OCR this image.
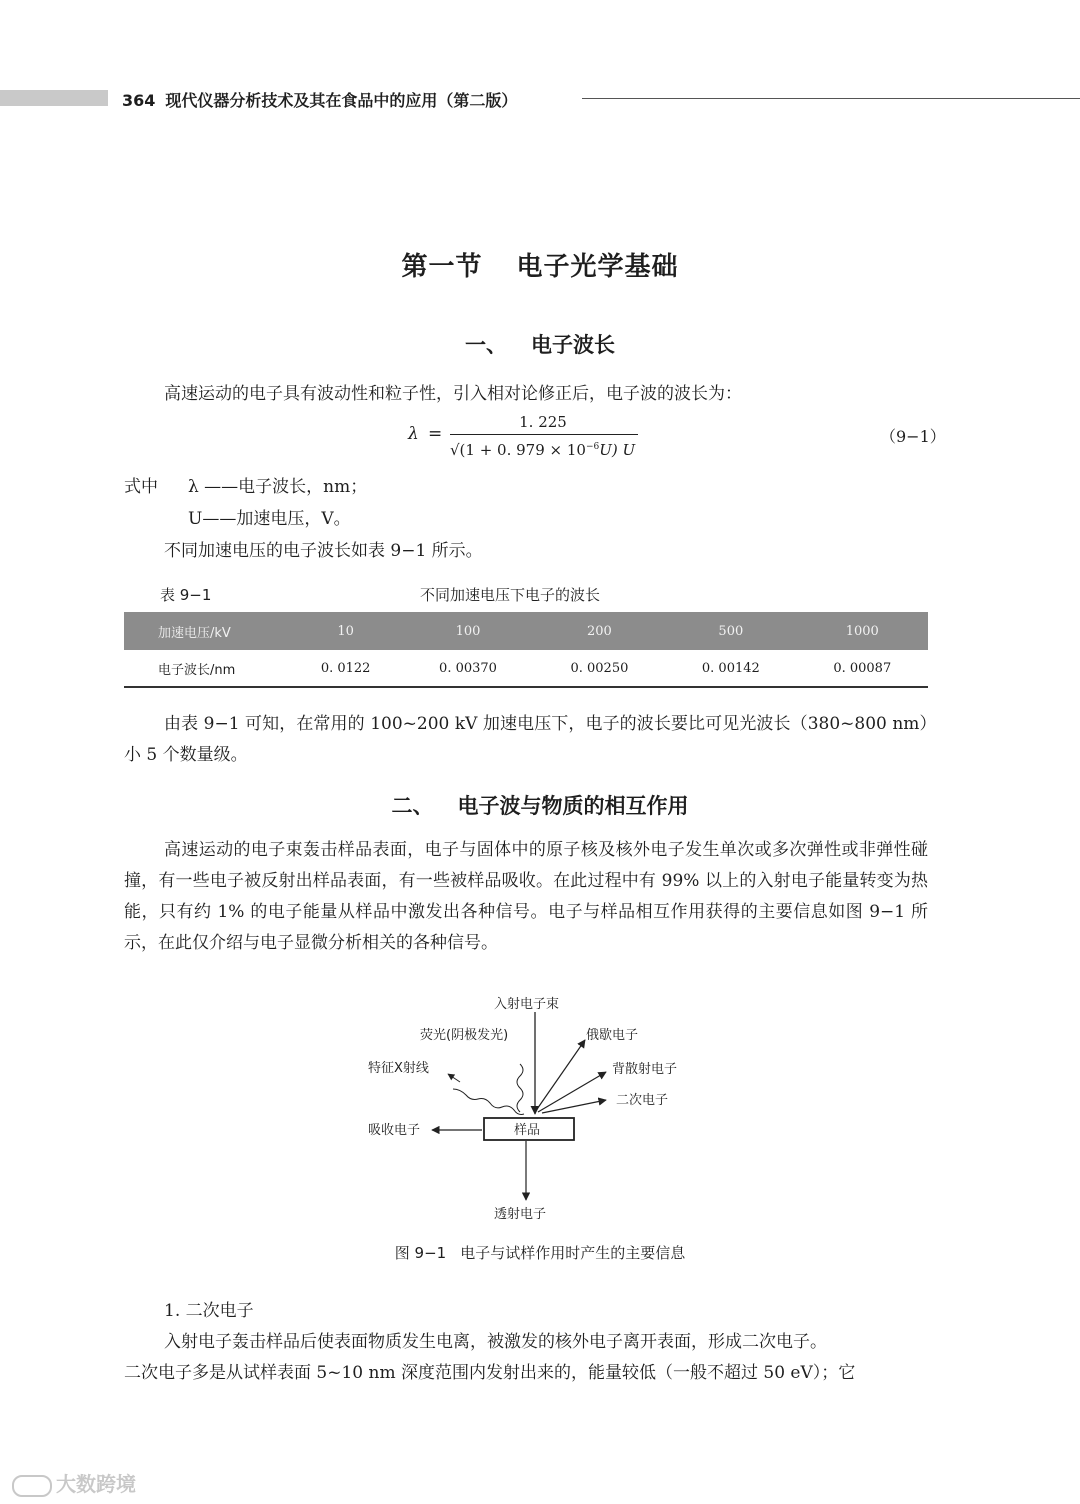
364 现代仪器分析技术及其在食品中的应用（第二版）
第一节 电子光学基础
一、 电子波长
高速运动的电子具有波动性和粒子性，引入相对论修正后，电子波的波长为：
λ =
1. 225
√(1 + 0. $979 \times 10^{-6}U$) U
（9−1）
式中 λ ——电子波长，nm；
U——加速电压，V。
不同加速电压的电子波长如表 9−1 所示。
表 9−1	不同加速电压下电子的波长
加速电压/kV	10	100	200	500	1000
电子波长/nm	0. 0122	0. 00370	0. 00250	0. 00142	0. 00087
由表 9−1 可知，在常用的 100~200 kV 加速电压下，电子的波长要比可见光波长（380~800 nm）小 5 个数量级。
二、 电子波与物质的相互作用
高速运动的电子束轰击样品表面，电子与固体中的原子核及核外电子发生单次或多次弹性或非弹性碰撞，有一些电子被反射出样品表面，有一些被样品吸收。在此过程中有 99% 以上的入射电子能量转变为热能，只有约 1% 的电子能量从样品中激发出各种信号。电子与样品相互作用获得的主要信息如图 9−1 所示，在此仅介绍与电子显微分析相关的各种信号。
入射电子束
俄歇电子
背散射电子
二次电子
荧光(阴极发光)
特征X射线
吸收电子	样品
透射电子
图 9−1 电子与试样作用时产生的主要信息
1. 二次电子
入射电子轰击样品后使表面物质发生电离，被激发的核外电子离开表面，形成二次电子。
二次电子多是从试样表面 5~10 nm 深度范围内发射出来的，能量较低（一般不超过 50 eV）；它
大数跨境
